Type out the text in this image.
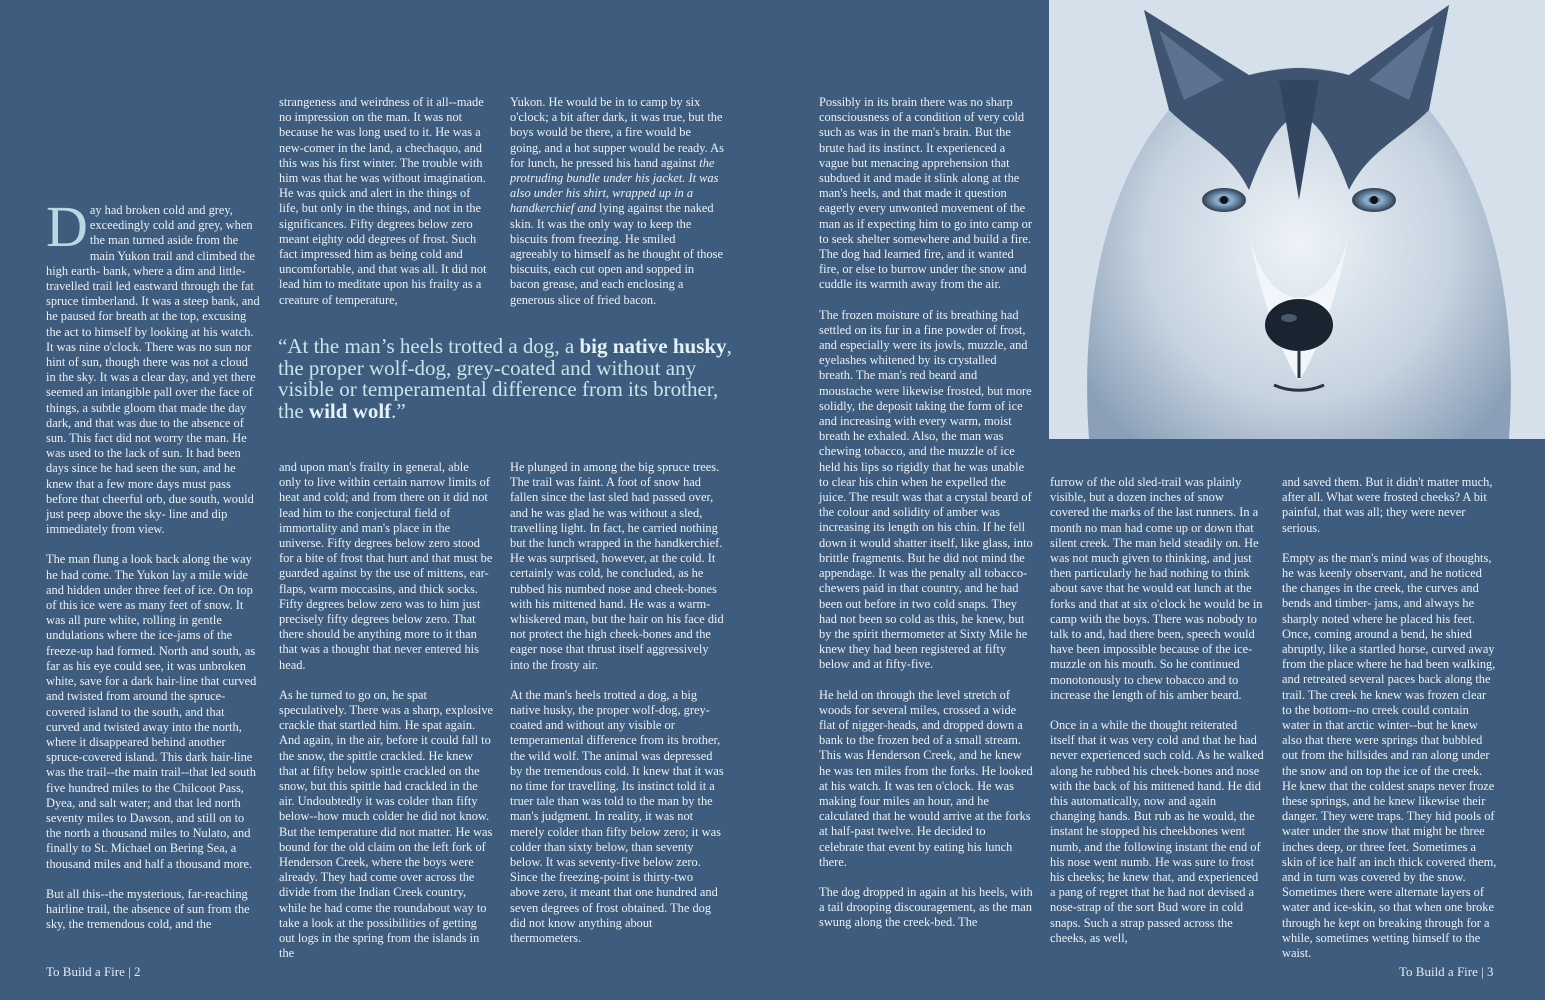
Day had broken cold and grey, exceedingly cold and grey, when the man turned aside from the main Yukon trail and climbed the high earth- bank, where a dim and little-travelled trail led eastward through the fat spruce timberland. It was a steep bank, and he paused for breath at the top, excusing the act to himself by looking at his watch. It was nine o'clock. There was no sun nor hint of sun, though there was not a cloud in the sky. It was a clear day, and yet there seemed an intangible pall over the face of things, a subtle gloom that made the day dark, and that was due to the absence of sun. This fact did not worry the man. He was used to the lack of sun. It had been days since he had seen the sun, and he knew that a few more days must pass before that cheerful orb, due south, would just peep above the sky- line and dip immediately from view.

The man flung a look back along the way he had come. The Yukon lay a mile wide and hidden under three feet of ice. On top of this ice were as many feet of snow. It was all pure white, rolling in gentle undulations where the ice-jams of the freeze-up had formed. North and south, as far as his eye could see, it was unbroken white, save for a dark hair-line that curved and twisted from around the spruce- covered island to the south, and that curved and twisted away into the north, where it disappeared behind another spruce-covered island. This dark hair-line was the trail--the main trail--that led south five hundred miles to the Chilcoot Pass, Dyea, and salt water; and that led north seventy miles to Dawson, and still on to the north a thousand miles to Nulato, and finally to St. Michael on Bering Sea, a thousand miles and half a thousand more.

But all this--the mysterious, far-reaching hairline trail, the absence of sun from the sky, the tremendous cold, and the

strangeness and weirdness of it all--made no impression on the man. It was not because he was long used to it. He was a new-comer in the land, a chechaquo, and this was his first winter. The trouble with him was that he was without imagination. He was quick and alert in the things of life, but only in the things, and not in the significances. Fifty degrees below zero meant eighty odd degrees of frost. Such fact impressed him as being cold and uncomfortable, and that was all. It did not lead him to meditate upon his frailty as a creature of temperature,

Yukon. He would be in to camp by six o'clock; a bit after dark, it was true, but the boys would be there, a fire would be going, and a hot supper would be ready. As for lunch, he pressed his hand against the protruding bundle under his jacket. It was also under his shirt, wrapped up in a handkerchief and lying against the naked skin. It was the only way to keep the biscuits from freezing. He smiled agreeably to himself as he thought of those biscuits, each cut open and sopped in bacon grease, and each enclosing a generous slice of fried bacon.

“At the man’s heels trotted a dog, a big native husky, the proper wolf-dog, grey-coated and without any visible or temperamental difference from its brother, the wild wolf.”

and upon man's frailty in general, able only to live within certain narrow limits of heat and cold; and from there on it did not lead him to the conjectural field of immortality and man's place in the universe. Fifty degrees below zero stood for a bite of frost that hurt and that must be guarded against by the use of mittens, ear-flaps, warm moccasins, and thick socks. Fifty degrees below zero was to him just precisely fifty degrees below zero. That there should be anything more to it than that was a thought that never entered his head.

As he turned to go on, he spat speculatively. There was a sharp, explosive crackle that startled him. He spat again. And again, in the air, before it could fall to the snow, the spittle crackled. He knew that at fifty below spittle crackled on the snow, but this spittle had crackled in the air. Undoubtedly it was colder than fifty below--how much colder he did not know. But the temperature did not matter. He was bound for the old claim on the left fork of Henderson Creek, where the boys were already. They had come over across the divide from the Indian Creek country, while he had come the roundabout way to take a look at the possibilities of getting out logs in the spring from the islands in the

He plunged in among the big spruce trees. The trail was faint. A foot of snow had fallen since the last sled had passed over, and he was glad he was without a sled, travelling light. In fact, he carried nothing but the lunch wrapped in the handkerchief. He was surprised, however, at the cold. It certainly was cold, he concluded, as he rubbed his numbed nose and cheek-bones with his mittened hand. He was a warm-whiskered man, but the hair on his face did not protect the high cheek-bones and the eager nose that thrust itself aggressively into the frosty air.

At the man's heels trotted a dog, a big native husky, the proper wolf-dog, grey-coated and without any visible or temperamental difference from its brother, the wild wolf. The animal was depressed by the tremendous cold. It knew that it was no time for travelling. Its instinct told it a truer tale than was told to the man by the man's judgment. In reality, it was not merely colder than fifty below zero; it was colder than sixty below, than seventy below. It was seventy-five below zero. Since the freezing-point is thirty-two above zero, it meant that one hundred and seven degrees of frost obtained. The dog did not know anything about thermometers.

To Build a Fire | 2

Possibly in its brain there was no sharp consciousness of a condition of very cold such as was in the man's brain. But the brute had its instinct. It experienced a vague but menacing apprehension that subdued it and made it slink along at the man's heels, and that made it question eagerly every unwonted movement of the man as if expecting him to go into camp or to seek shelter somewhere and build a fire. The dog had learned fire, and it wanted fire, or else to burrow under the snow and cuddle its warmth away from the air.

The frozen moisture of its breathing had settled on its fur in a fine powder of frost, and especially were its jowls, muzzle, and eyelashes whitened by its crystalled breath. The man's red beard and moustache were likewise frosted, but more solidly, the deposit taking the form of ice and increasing with every warm, moist breath he exhaled. Also, the man was chewing tobacco, and the muzzle of ice held his lips so rigidly that he was unable to clear his chin when he expelled the juice. The result was that a crystal beard of the colour and solidity of amber was increasing its length on his chin. If he fell down it would shatter itself, like glass, into brittle fragments. But he did not mind the appendage. It was the penalty all tobacco- chewers paid in that country, and he had been out before in two cold snaps. They had not been so cold as this, he knew, but by the spirit thermometer at Sixty Mile he knew they had been registered at fifty below and at fifty-five.

He held on through the level stretch of woods for several miles, crossed a wide flat of nigger-heads, and dropped down a bank to the frozen bed of a small stream. This was Henderson Creek, and he knew he was ten miles from the forks. He looked at his watch. It was ten o'clock. He was making four miles an hour, and he calculated that he would arrive at the forks at half-past twelve. He decided to celebrate that event by eating his lunch there.

The dog dropped in again at his heels, with a tail drooping discouragement, as the man swung along the creek-bed. The

furrow of the old sled-trail was plainly visible, but a dozen inches of snow covered the marks of the last runners. In a month no man had come up or down that silent creek. The man held steadily on. He was not much given to thinking, and just then particularly he had nothing to think about save that he would eat lunch at the forks and that at six o'clock he would be in camp with the boys. There was nobody to talk to and, had there been, speech would have been impossible because of the ice-muzzle on his mouth. So he continued monotonously to chew tobacco and to increase the length of his amber beard.

Once in a while the thought reiterated itself that it was very cold and that he had never experienced such cold. As he walked along he rubbed his cheek-bones and nose with the back of his mittened hand. He did this automatically, now and again changing hands. But rub as he would, the instant he stopped his cheekbones went numb, and the following instant the end of his nose went numb. He was sure to frost his cheeks; he knew that, and experienced a pang of regret that he had not devised a nose-strap of the sort Bud wore in cold snaps. Such a strap passed across the cheeks, as well,

and saved them. But it didn't matter much, after all. What were frosted cheeks? A bit painful, that was all; they were never serious.

Empty as the man's mind was of thoughts, he was keenly observant, and he noticed the changes in the creek, the curves and bends and timber- jams, and always he sharply noted where he placed his feet. Once, coming around a bend, he shied abruptly, like a startled horse, curved away from the place where he had been walking, and retreated several paces back along the trail. The creek he knew was frozen clear to the bottom--no creek could contain water in that arctic winter--but he knew also that there were springs that bubbled out from the hillsides and ran along under the snow and on top the ice of the creek. He knew that the coldest snaps never froze these springs, and he knew likewise their danger. They were traps. They hid pools of water under the snow that might be three inches deep, or three feet. Sometimes a skin of ice half an inch thick covered them, and in turn was covered by the snow. Sometimes there were alternate layers of water and ice-skin, so that when one broke through he kept on breaking through for a while, sometimes wetting himself to the waist.

To Build a Fire | 3
